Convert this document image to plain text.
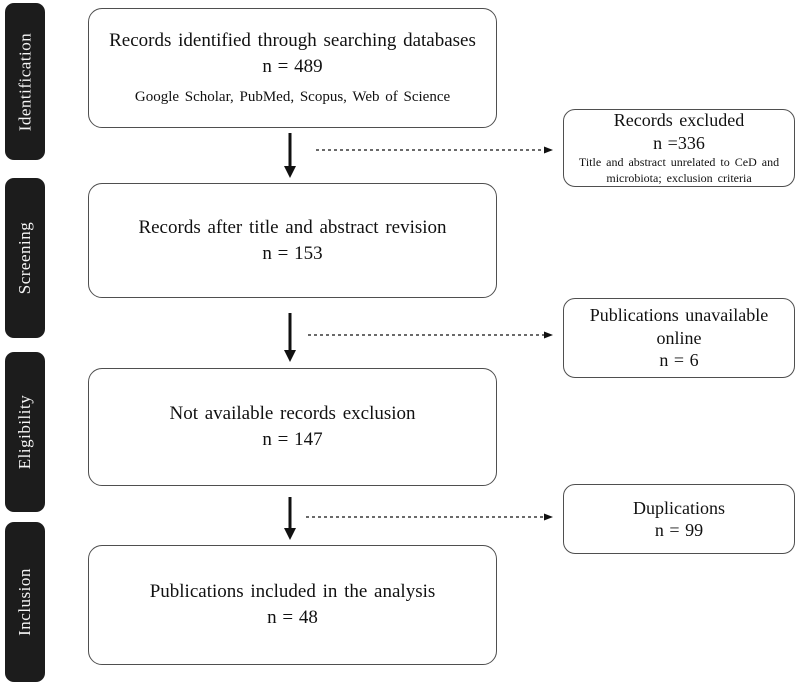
Identification
Screening
Eligibility
Inclusion
Records identified through searching databases
n = 489
Google Scholar, PubMed, Scopus, Web of Science
Records after title and abstract revision
n = 153
Not available records exclusion
n = 147
Publications included in the analysis
n = 48
Records excluded
n =336
Title and abstract unrelated to CeD and microbiota; exclusion criteria
Publications unavailable online
n = 6
Duplications
n = 99
